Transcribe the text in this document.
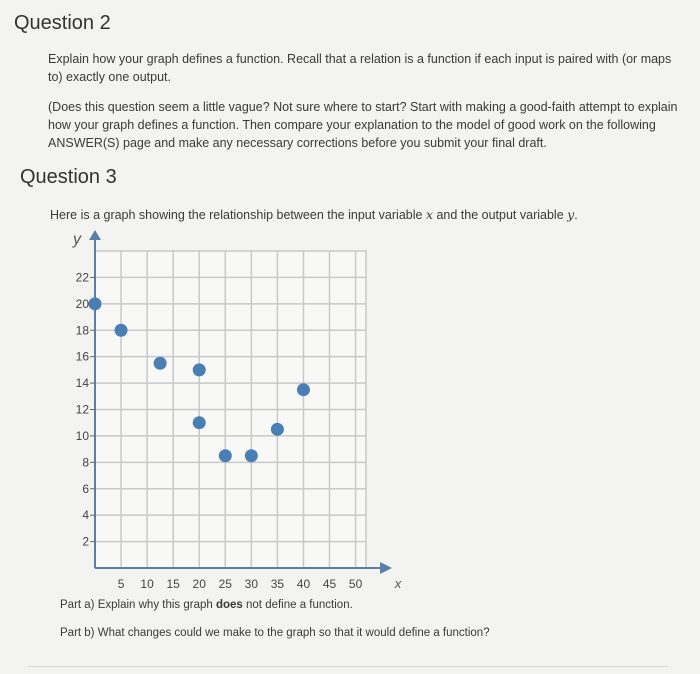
Question 2
Explain how your graph defines a function. Recall that a relation is a function if each input is paired with (or maps to) exactly one output.
(Does this question seem a little vague? Not sure where to start? Start with making a good-faith attempt to explain how your graph defines a function. Then compare your explanation to the model of good work on the following ANSWER(S) page and make any necessary corrections before you submit your final draft.
Question 3
Here is a graph showing the relationship between the input variable x and the output variable y.
2
4
6
8
10
12
14
16
18
20
22
5 10 15 20 25 30 35 40 45 50
y
x
Part a) Explain why this graph does not define a function.
Part b) What changes could we make to the graph so that it would define a function?
